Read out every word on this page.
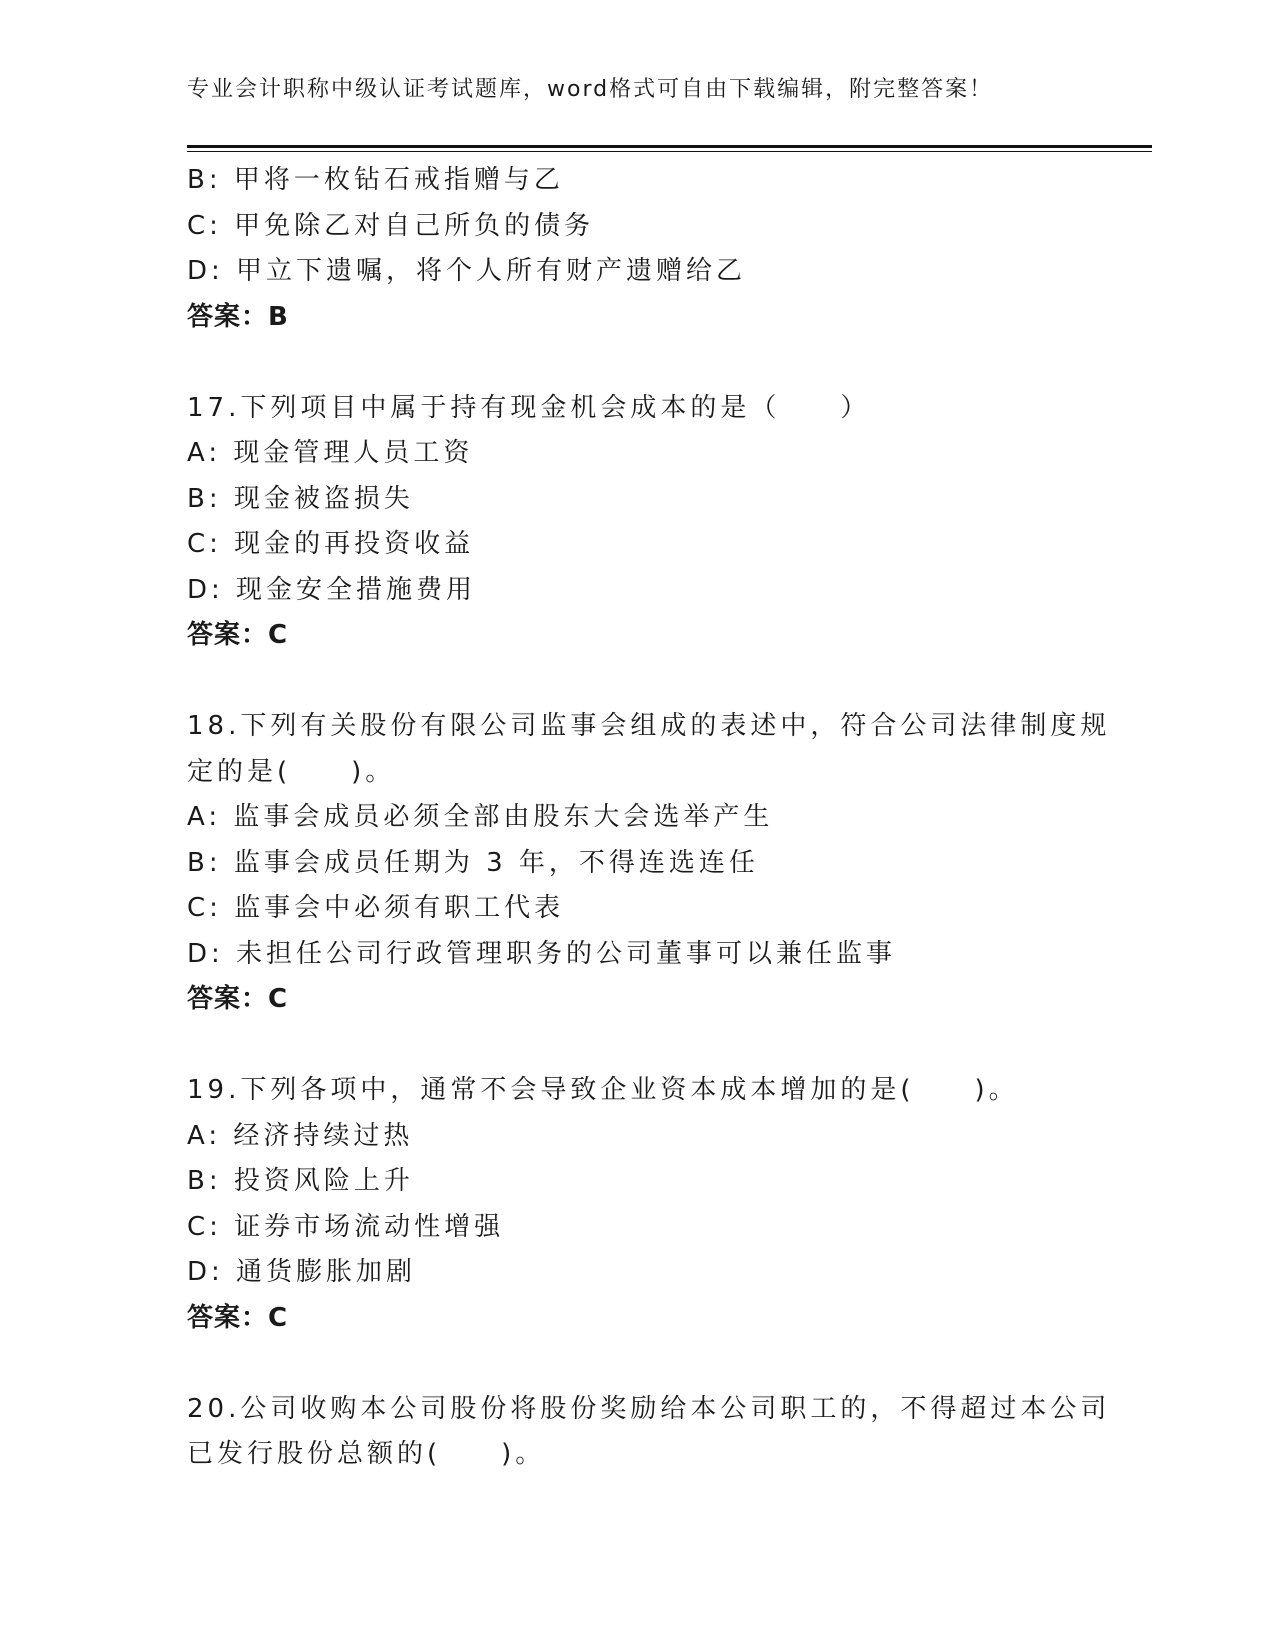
专业会计职称中级认证考试题库，word格式可自由下载编辑，附完整答案！
B: 甲将一枚钻石戒指赠与乙
C: 甲免除乙对自己所负的债务
D: 甲立下遗嘱，将个人所有财产遗赠给乙
答案：B
17.下列项目中属于持有现金机会成本的是（　　）
A: 现金管理人员工资
B: 现金被盗损失
C: 现金的再投资收益
D: 现金安全措施费用
答案：C
18.下列有关股份有限公司监事会组成的表述中，符合公司法律制度规
定的是(　　)。
A: 监事会成员必须全部由股东大会选举产生
B: 监事会成员任期为 3 年，不得连选连任
C: 监事会中必须有职工代表
D: 未担任公司行政管理职务的公司董事可以兼任监事
答案：C
19.下列各项中，通常不会导致企业资本成本增加的是(　　)。
A: 经济持续过热
B: 投资风险上升
C: 证券市场流动性增强
D: 通货膨胀加剧
答案：C
20.公司收购本公司股份将股份奖励给本公司职工的，不得超过本公司
已发行股份总额的(　　)。
